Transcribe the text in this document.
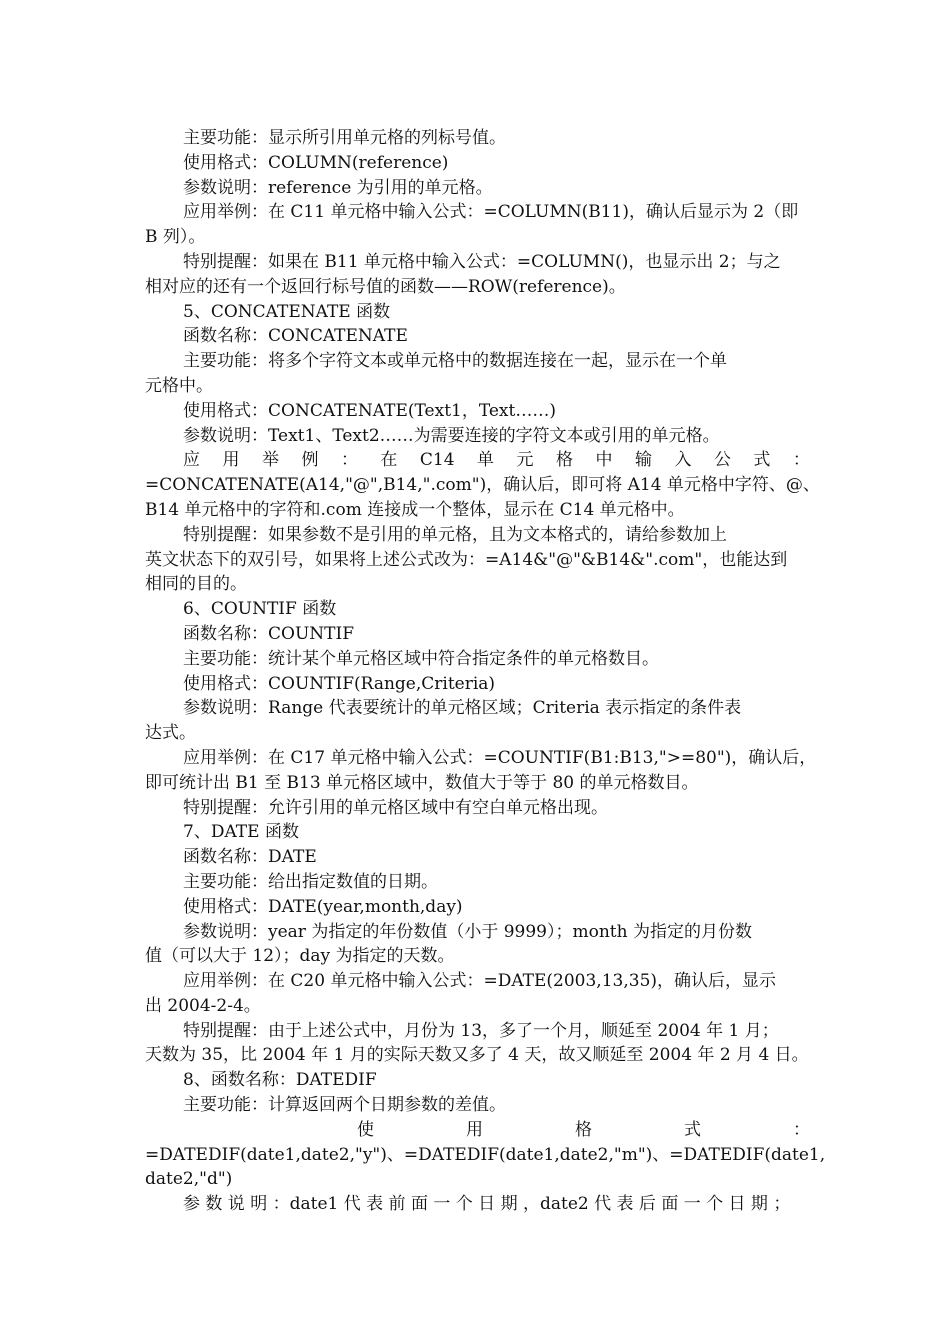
主要功能：显示所引用单元格的列标号值。
使用格式：COLUMN(reference)
参数说明：reference 为引用的单元格。
应用举例：在 C11 单元格中输入公式：=COLUMN(B11)，确认后显示为 2（即
B 列）。
特别提醒：如果在 B11 单元格中输入公式：=COLUMN()，也显示出 2；与之
相对应的还有一个返回行标号值的函数——ROW(reference)。
5、CONCATENATE 函数
函数名称：CONCATENATE
主要功能：将多个字符文本或单元格中的数据连接在一起，显示在一个单
元格中。
使用格式：CONCATENATE(Text1，Text……)
参数说明：Text1、Text2……为需要连接的字符文本或引用的单元格。
应 用 举 例 ： 在 C14 单 元 格 中 输 入 公 式 ：
=CONCATENATE(A14,"@",B14,".com")，确认后，即可将 A14 单元格中字符、@、
B14 单元格中的字符和.com 连接成一个整体，显示在 C14 单元格中。
特别提醒：如果参数不是引用的单元格，且为文本格式的，请给参数加上
英文状态下的双引号，如果将上述公式改为：=A14&"@"&B14&".com"，也能达到
相同的目的。
6、COUNTIF 函数
函数名称：COUNTIF
主要功能：统计某个单元格区域中符合指定条件的单元格数目。
使用格式：COUNTIF(Range,Criteria)
参数说明：Range 代表要统计的单元格区域；Criteria 表示指定的条件表
达式。
应用举例：在 C17 单元格中输入公式：=COUNTIF(B1:B13,">=80")，确认后，
即可统计出 B1 至 B13 单元格区域中，数值大于等于 80 的单元格数目。
特别提醒：允许引用的单元格区域中有空白单元格出现。
7、DATE 函数
函数名称：DATE
主要功能：给出指定数值的日期。
使用格式：DATE(year,month,day)
参数说明：year 为指定的年份数值（小于 9999）；month 为指定的月份数
值（可以大于 12）；day 为指定的天数。
应用举例：在 C20 单元格中输入公式：=DATE(2003,13,35)，确认后，显示
出 2004-2-4。
特别提醒：由于上述公式中，月份为 13，多了一个月，顺延至 2004 年 1 月；
天数为 35，比 2004 年 1 月的实际天数又多了 4 天，故又顺延至 2004 年 2 月 4 日。
8、函数名称：DATEDIF
主要功能：计算返回两个日期参数的差值。
使	用	格	式	：
=DATEDIF(date1,date2,"y")、=DATEDIF(date1,date2,"m")、=DATEDIF(date1,
date2,"d")
参 数 说 明 ：date1 代 表 前 面 一 个 日 期 ，date2 代 表 后 面 一 个 日 期 ；
